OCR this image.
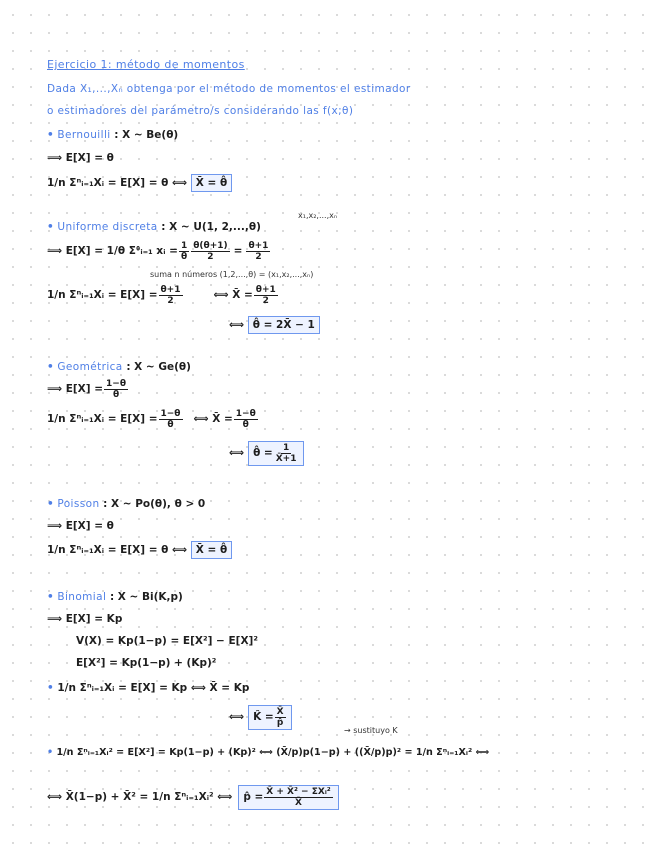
Ejercicio 1: método de momentos
Dada X₁,...,Xₙ obtenga por el método de momentos el estimador
o estimadores del parámetro/s considerando las f(x;θ)
• Bernouilli : X ~ Be(θ)
⟹ E[X] = θ
1/n Σⁿᵢ₌₁Xᵢ = E[X] = θ ⟺ X̄ = θ̂
x₁,x₂,...,xₙ
• Uniforme discreta : X ~ U(1, 2,...,θ)
⟹ E[X] = 1/θ Σᶿᵢ₌₁ xᵢ = $\frac{1}{\theta} \frac{\theta(\theta+1)}{2} = \frac{\theta+1}{2}$
suma n números (1,2,...,θ) = (x₁,x₂,...,xₙ)
1/n Σⁿᵢ₌₁Xᵢ = $E[X] = \frac{\theta+1}{2}$	⟺ X̄ = $\frac{\theta+1}{2}$
⟺ θ̂ = 2X̄ − 1
• Geométrica : X ~ Ge(θ)
⟹ $E[X] = \frac{1-\theta}{\theta}$
1/n Σⁿᵢ₌₁Xᵢ = $E[X] = \frac{1-\theta}{\theta}$ ⟺ X̄ = $\frac{1-\theta}{\theta}$
⟺ θ̂ = $\frac{1}{X̄+1}$
• Poisson : X ~ Po(θ), θ > 0
⟹ E[X] = θ
1/n Σⁿᵢ₌₁Xᵢ = E[X] = θ ⟺ X̄ = θ̂
• Binomial : X ~ Bi(K,p)
⟹ E[X] = Kp
V(X) = Kp(1−p) = E[X²] − E[X]²
E[X²] = Kp(1−p) + (Kp)²
• 1/n Σⁿᵢ₌₁Xᵢ = E[X] = Kp ⟺ X̄ = Kp
⟺ K̂ = $\frac{X̄}{p̂}$
→ sustituyo K
• 1/n Σⁿᵢ₌₁Xᵢ² = E[X²] = Kp(1−p) + (Kp)² ⟺ (X̄/p)p(1−p) + ((X̄/p)p)² = 1/n Σⁿᵢ₌₁Xᵢ² ⟺
⟺ X̄(1−p) + X̄² = 1/n Σⁿᵢ₌₁Xᵢ² ⟺ p̂ = $\frac{\text{X̄ + X̄² − ΣXᵢ²}}{X̄}$
